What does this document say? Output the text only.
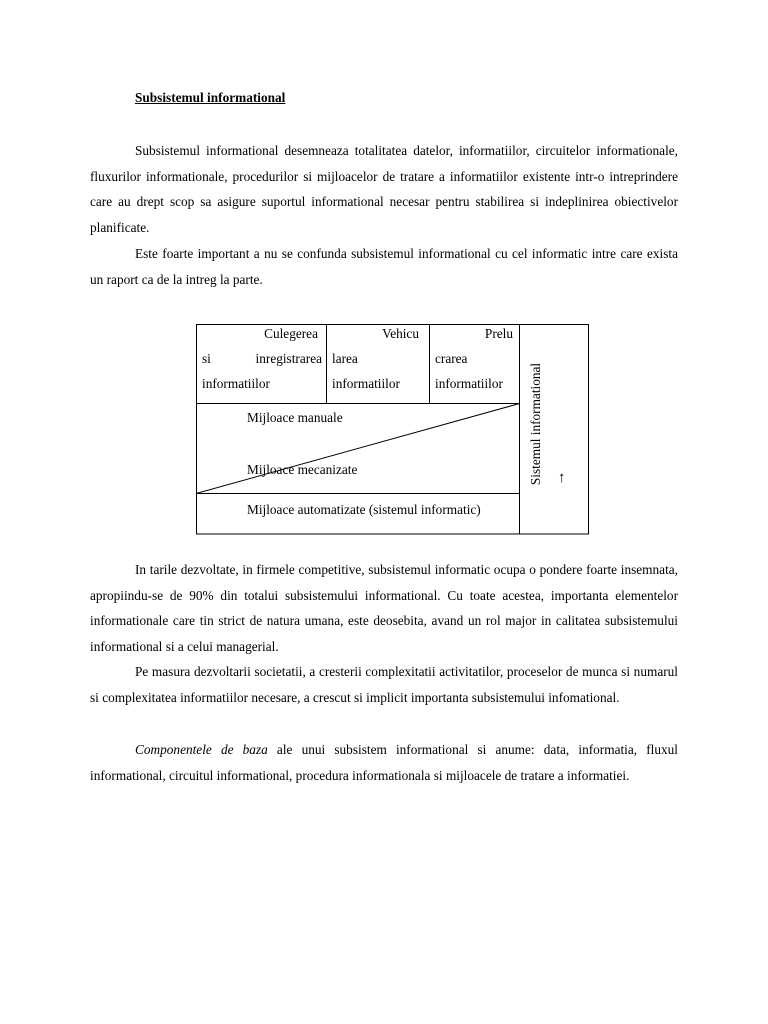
Subsistemul informational

Subsistemul informational desemneaza totalitatea datelor, informatiilor, circuitelor informationale, fluxurilor informationale, procedurilor si mijloacelor de tratare a informatiilor existente intr-o intreprindere care au drept scop sa asigure suportul informational necesar pentru stabilirea si indeplinirea obiectivelor planificate.

Este foarte important a nu se confunda subsistemul informational cu cel informatic intre care exista un raport ca de la intreg la parte.

Culegerea
si	inregistrarea
informatiilor
Vehicu
larea
informatiilor
Prelu
crarea
informatiilor
Mijloace manuale
Mijloace mecanizate
Mijloace automatizate (sistemul informatic)
Sistemul informational ↑

In tarile dezvoltate, in firmele competitive, subsistemul informatic ocupa o pondere foarte insemnata, apropiindu-se de 90% din totalui subsistemului informational. Cu toate acestea, importanta elementelor informationale care tin strict de natura umana, este deosebita, avand un rol major in calitatea subsistemului informational si a celui managerial.

Pe masura dezvoltarii societatii, a cresterii complexitatii activitatilor, proceselor de munca si numarul si complexitatea informatiilor necesare, a crescut si implicit importanta subsistemului infomational.

Componentele de baza ale unui subsistem informational si anume: data, informatia, fluxul informational, circuitul informational, procedura informationala si mijloacele de tratare a informatiei.
